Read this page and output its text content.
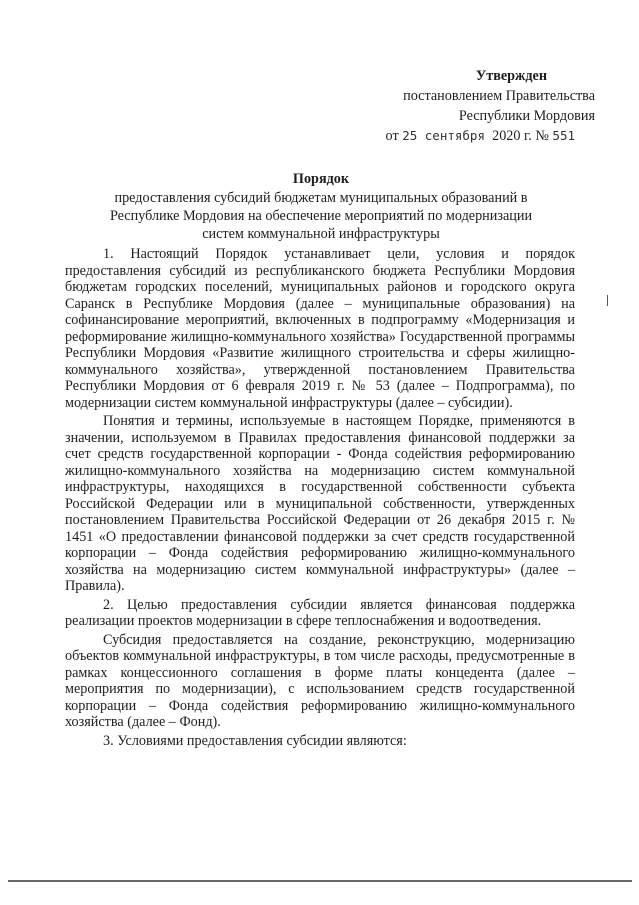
Утвержден
постановлением Правительства
Республики Мордовия
от 25 сентября 2020 г. № 551
Порядок
предоставления субсидий бюджетам муниципальных образований в
Республике Мордовия на обеспечение мероприятий по модернизации
систем коммунальной инфраструктуры

1. Настоящий Порядок устанавливает цели, условия и порядок предоставления субсидий из республиканского бюджета Республики Мордовия бюджетам городских поселений, муниципальных районов и городского округа Саранск в Республике Мордовия (далее – муниципальные образования) на софинансирование мероприятий, включенных в подпрограмму «Модернизация и реформирование жилищно-коммунального хозяйства» Государственной программы Республики Мордовия «Развитие жилищного строительства и сферы жилищно-коммунального хозяйства», утвержденной постановлением Правительства Республики Мордовия от 6 февраля 2019 г. № 53 (далее – Подпрограмма), по модернизации систем коммунальной инфраструктуры (далее – субсидии).

Понятия и термины, используемые в настоящем Порядке, применяются в значении, используемом в Правилах предоставления финансовой поддержки за счет средств государственной корпорации - Фонда содействия реформированию жилищно-коммунального хозяйства на модернизацию систем коммунальной инфраструктуры, находящихся в государственной собственности субъекта Российской Федерации или в муниципальной собственности, утвержденных постановлением Правительства Российской Федерации от 26 декабря 2015 г. № 1451 «О предоставлении финансовой поддержки за счет средств государственной корпорации – Фонда содействия реформированию жилищно-коммунального хозяйства на модернизацию систем коммунальной инфраструктуры» (далее – Правила).

2. Целью предоставления субсидии является финансовая поддержка реализации проектов модернизации в сфере теплоснабжения и водоотведения.

Субсидия предоставляется на создание, реконструкцию, модернизацию объектов коммунальной инфраструктуры, в том числе расходы, предусмотренные в рамках концессионного соглашения в форме платы концедента (далее – мероприятия по модернизации), с использованием средств государственной корпорации – Фонда содействия реформированию жилищно-коммунального хозяйства (далее – Фонд).

3. Условиями предоставления субсидии являются:
